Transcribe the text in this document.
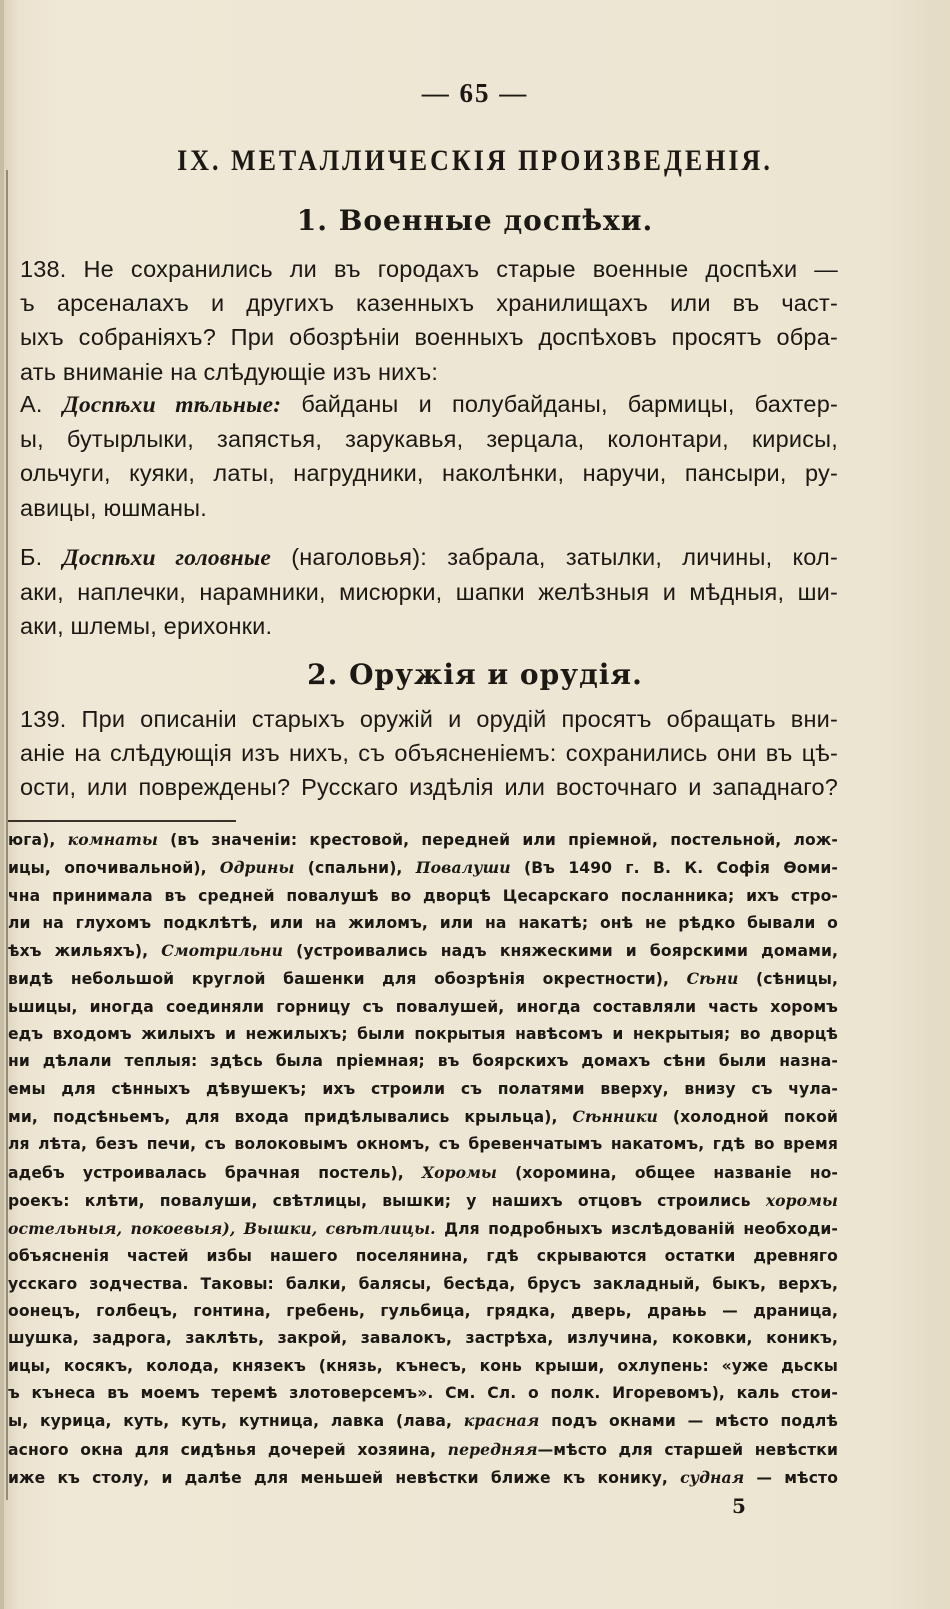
— 65 —
IX. МЕТАЛЛИЧЕСКІЯ ПРОИЗВЕДЕНІЯ.
1. Военные доспѣхи.
138. Не сохранились ли въ городахъ старые военные доспѣхи —
ъ арсеналахъ и другихъ казенныхъ хранилищахъ или въ част-
ыхъ собраніяхъ? При обозрѣніи военныхъ доспѣховъ просятъ обра-
ать вниманіе на слѣдующіе изъ нихъ:
А. Доспѣхи тѣльные: байданы и полубайданы, бармицы, бахтер-
ы, бутырлыки, запястья, зарукавья, зерцала, колонтари, кирисы,
ольчуги, куяки, латы, нагрудники, наколѣнки, наручи, пансыри, ру-
авицы, юшманы.
Б. Доспѣхи головные (наголовья): забрала, затылки, личины, кол-
аки, наплечки, нарамники, мисюрки, шапки желѣзныя и мѣдныя, ши-
аки, шлемы, ерихонки.
2. Оружія и орудія.
139. При описаніи старыхъ оружій и орудій просятъ обращать вни-
аніе на слѣдующія изъ нихъ, съ объясненіемъ: сохранились они въ цѣ-
ости, или повреждены? Русскаго издѣлія или восточнаго и западнаго?
юга), комнаты (въ значеніи: крестовой, передней или пріемной, постельной, лож-
ицы, опочивальной), Одрины (спальни), Повалуши (Въ 1490 г. В. К. Софія Ѳоми-
чна принимала въ средней повалушѣ во дворцѣ Цесарскаго посланника; ихъ стро-
ли на глухомъ подклѣтѣ, или на жиломъ, или на накатѣ; онѣ не рѣдко бывали о
ѣхъ жильяхъ), Смотрильни (устроивались надъ княжескими и боярскими домами,
видѣ небольшой круглой башенки для обозрѣнія окрестности), Сѣни (сѣницы,
ьшицы, иногда соединяли горницу съ повалушей, иногда составляли часть хоромъ
едъ входомъ жилыхъ и нежилыхъ; были покрытыя навѣсомъ и некрытыя; во дворцѣ
ни дѣлали теплыя: здѣсь была пріемная; въ боярскихъ домахъ сѣни были назна-
емы для сѣнныхъ дѣвушекъ; ихъ строили съ полатями вверху, внизу съ чула-
ми, подсѣньемъ, для входа придѣлывались крыльца), Сѣнники (холодной покой
ля лѣта, безъ печи, съ волоковымъ окномъ, съ бревенчатымъ накатомъ, гдѣ во время
адебъ устроивалась брачная постель), Хоромы (хоромина, общее названіе но-
роекъ: клѣти, повалуши, свѣтлицы, вышки; у нашихъ отцовъ строились хоромы
остельныя, покоевыя), Вышки, свѣтлицы. Для подробныхъ изслѣдованій необходи-
объясненія частей избы нашего поселянина, гдѣ скрываются остатки древняго
усскаго зодчества. Таковы: балки, балясы, бесѣда, брусъ закладный, быкъ, верхъ,
оонецъ, голбецъ, гонтина, гребень, гульбица, грядка, дверь, драњь — драница,
шушка, задрога, заклѣть, закрой, завалокъ, застрѣха, излучина, коковки, коникъ,
ицы, косякъ, колода, князекъ (князь, кънесъ, конь крыши, охлупень: «уже дьскы
ъ кънеса въ моемъ теремѣ злотоверсемъ». См. Сл. о полк. Игоревомъ), каль стои-
ы, курица, куть, куть, кутница, лавка (лава, красная подъ окнами — мѣсто подлѣ
асного окна для сидѣнья дочерей хозяина, передняя—мѣсто для старшей невѣстки
иже къ столу, и далѣе для меньшей невѣстки ближе къ конику, судная — мѣсто
5
